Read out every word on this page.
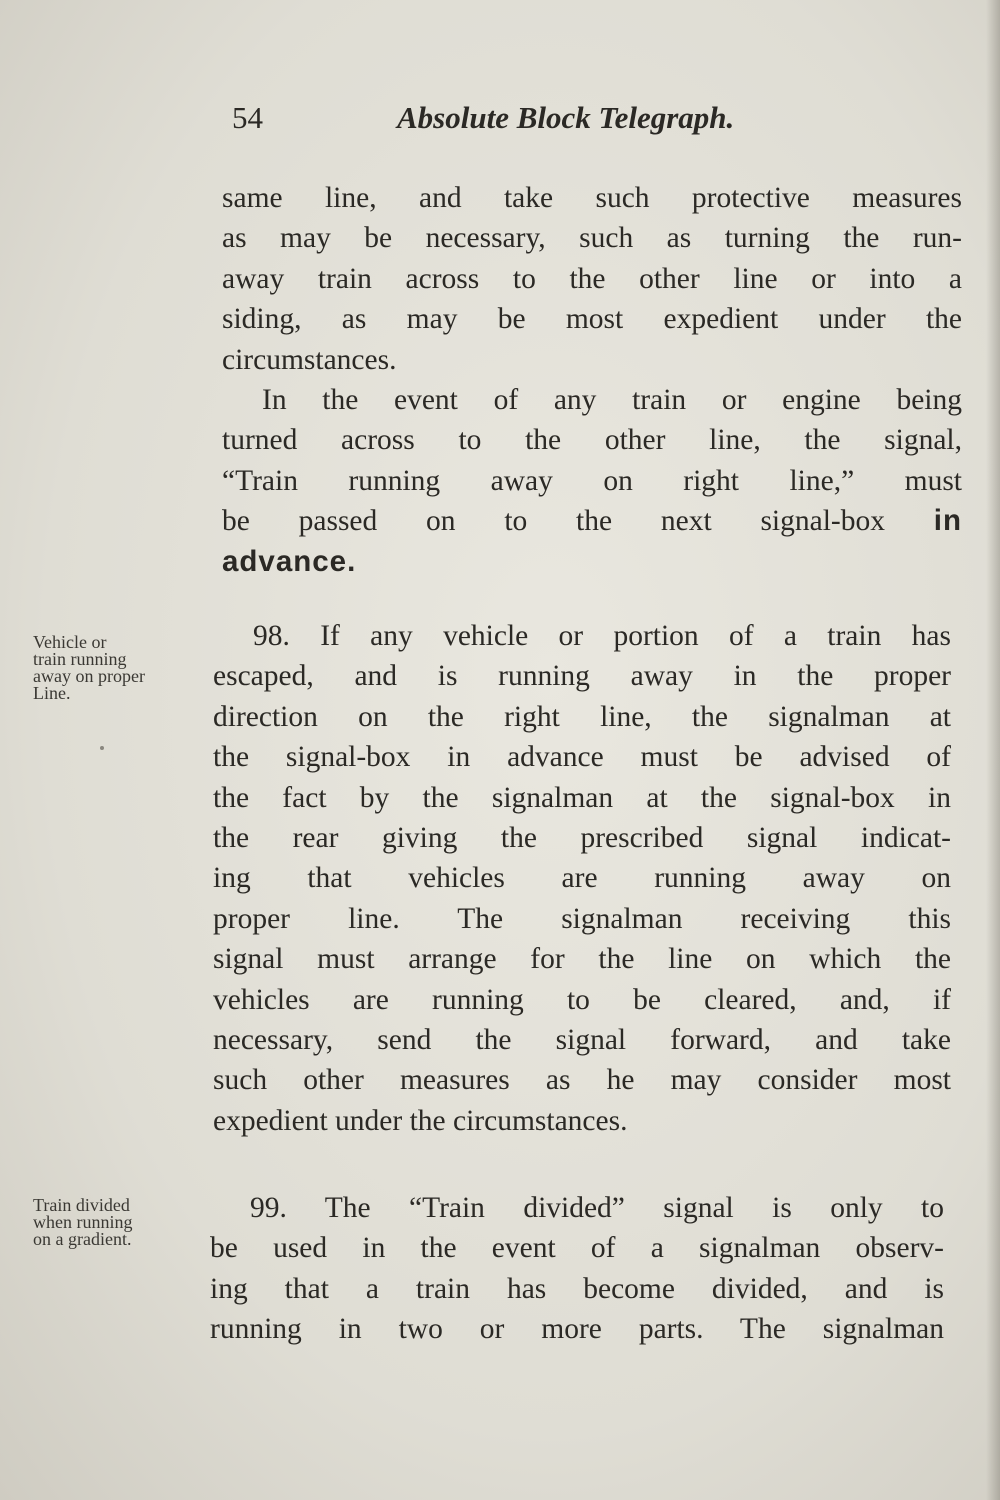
54	Absolute Block Telegraph.
same line, and take such protective measures
as may be necessary, such as turning the run-
away train across to the other line or into a
siding, as may be most expedient under the
circumstances.
In the event of any train or engine being
turned across to the other line, the signal,
“Train running away on right line,” must
be passed on to the next signal-box in
advance.
Vehicle or
train running
away on proper
Line.
98. If any vehicle or portion of a train has
escaped, and is running away in the proper
direction on the right line, the signalman at
the signal-box in advance must be advised of
the fact by the signalman at the signal-box in
the rear giving the prescribed signal indicat-
ing that vehicles are running away on
proper line. The signalman receiving this
signal must arrange for the line on which the
vehicles are running to be cleared, and, if
necessary, send the signal forward, and take
such other measures as he may consider most
expedient under the circumstances.
Train divided
when running
on a gradient.
99. The “Train divided” signal is only to
be used in the event of a signalman observ-
ing that a train has become divided, and is
running in two or more parts. The signalman
